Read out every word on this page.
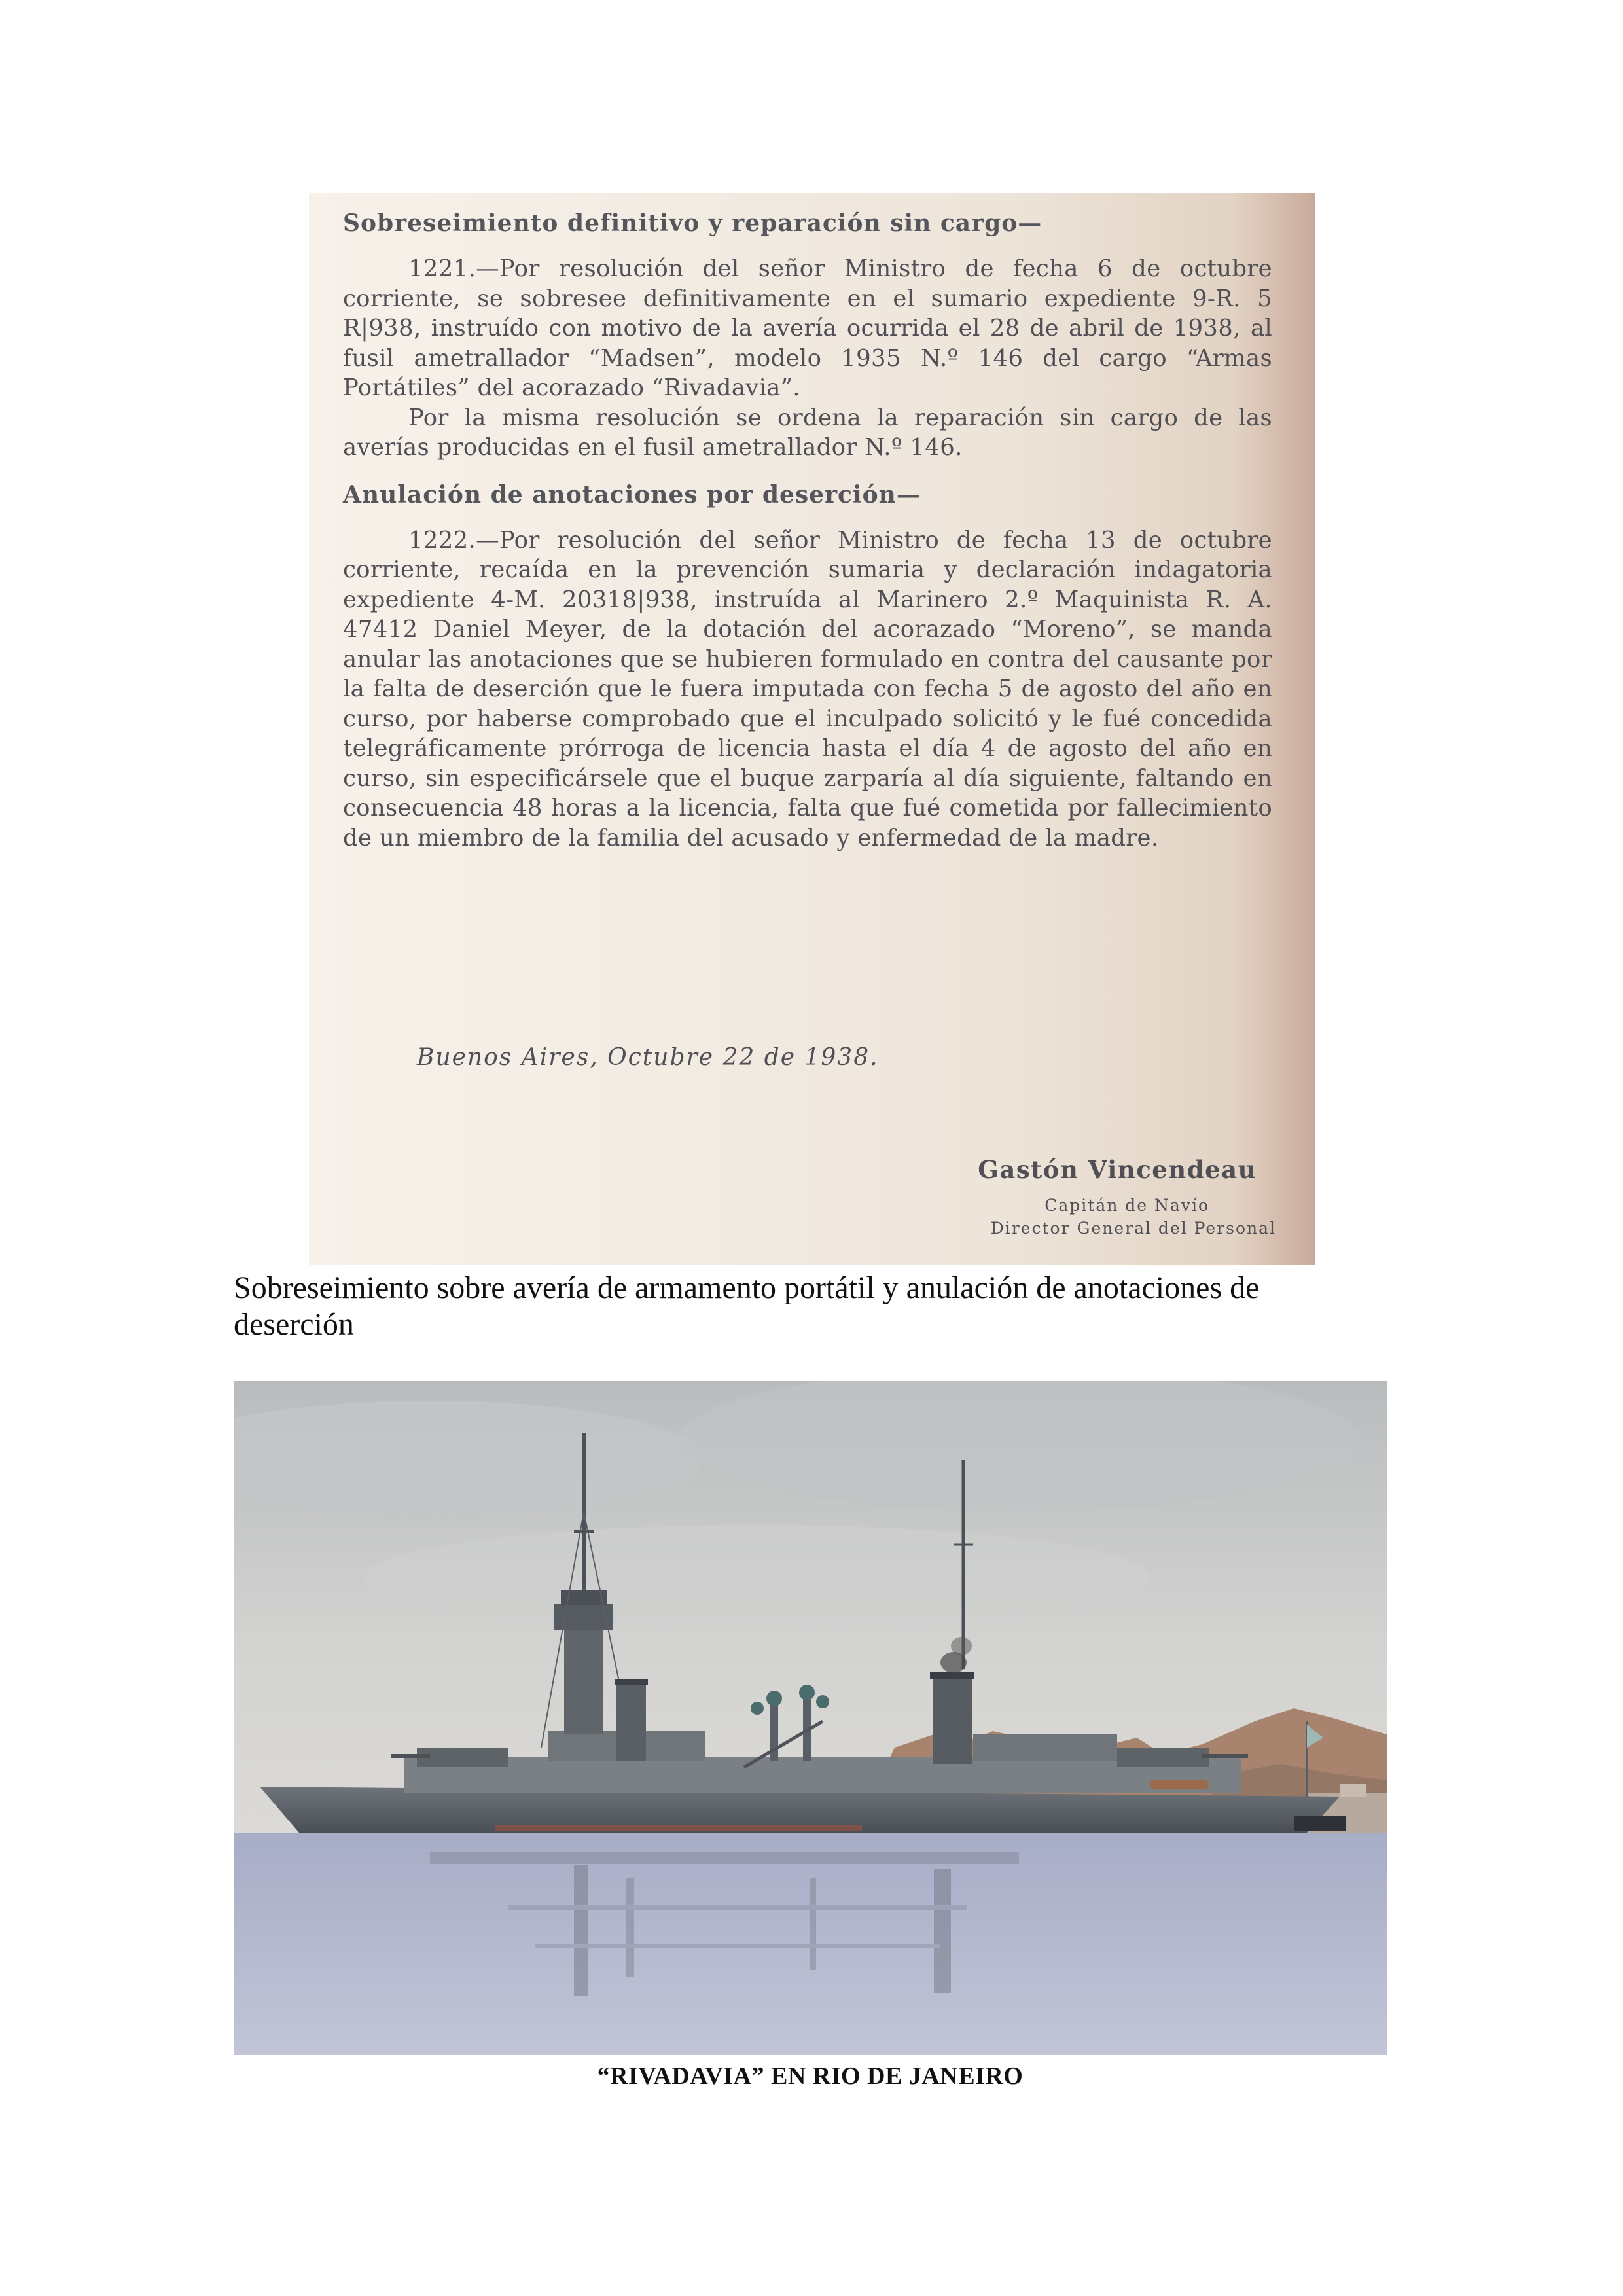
Sobreseimiento definitivo y reparación sin cargo—

1221.—Por resolución del señor Ministro de fecha 6 de octubre corriente, se sobresee definitivamente en el sumario expediente 9-R. 5 R|938, instruído con motivo de la avería ocurrida el 28 de abril de 1938, al fusil ametrallador “Madsen”, modelo 1935 N.º 146 del cargo “Armas Portátiles” del acorazado “Rivadavia”.

Por la misma resolución se ordena la reparación sin cargo de las averías producidas en el fusil ametrallador N.º 146.

Anulación de anotaciones por deserción—

1222.—Por resolución del señor Ministro de fecha 13 de octubre corriente, recaída en la prevención sumaria y declaración indagatoria expediente 4-M. 20318|938, instruída al Marinero 2.º Maquinista R. A. 47412 Daniel Meyer, de la dotación del acorazado “Moreno”, se manda anular las anotaciones que se hubieren formulado en contra del causante por la falta de deserción que le fuera imputada con fecha 5 de agosto del año en curso, por haberse comprobado que el inculpado solicitó y le fué concedida telegráficamente prórroga de licencia hasta el día 4 de agosto del año en curso, sin especificársele que el buque zarparía al día siguiente, faltando en consecuencia 48 horas a la licencia, falta que fué cometida por fallecimiento de un miembro de la familia del acusado y enfermedad de la madre.

Buenos Aires, Octubre 22 de 1938.
Gastón Vincendeau
Capitán de Navío
Director General del Personal

Sobreseimiento sobre avería de armamento portátil y anulación de anotaciones de deserción

“RIVADAVIA” EN RIO DE JANEIRO
